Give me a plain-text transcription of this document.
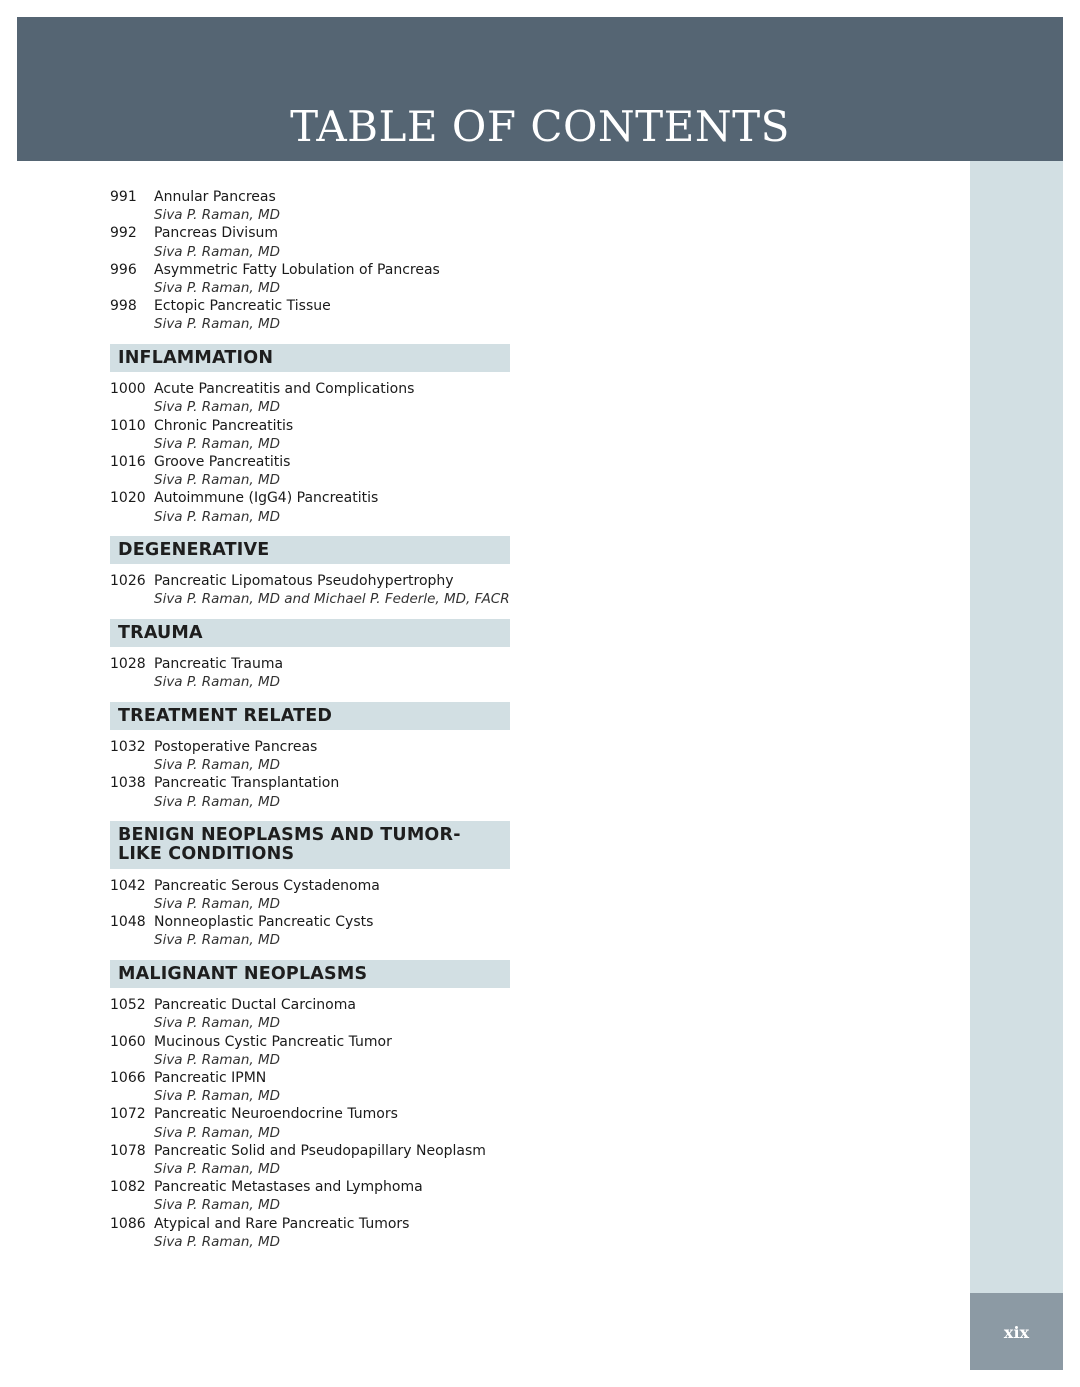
TABLE OF CONTENTS
xix
991	Annular Pancreas
Siva P. Raman, MD
992	Pancreas Divisum
Siva P. Raman, MD
996	Asymmetric Fatty Lobulation of Pancreas
Siva P. Raman, MD
998	Ectopic Pancreatic Tissue
Siva P. Raman, MD
INFLAMMATION
1000 Acute Pancreatitis and Complications
Siva P. Raman, MD
1010 Chronic Pancreatitis
Siva P. Raman, MD
1016 Groove Pancreatitis
Siva P. Raman, MD
1020 Autoimmune (IgG4) Pancreatitis
Siva P. Raman, MD
DEGENERATIVE
1026 Pancreatic Lipomatous Pseudohypertrophy
Siva P. Raman, MD and Michael P. Federle, MD, FACR
TRAUMA
1028 Pancreatic Trauma
Siva P. Raman, MD
TREATMENT RELATED
1032 Postoperative Pancreas
Siva P. Raman, MD
1038 Pancreatic Transplantation
Siva P. Raman, MD
BENIGN NEOPLASMS AND TUMOR-LIKE CONDITIONS
1042 Pancreatic Serous Cystadenoma
Siva P. Raman, MD
1048 Nonneoplastic Pancreatic Cysts
Siva P. Raman, MD
MALIGNANT NEOPLASMS
1052 Pancreatic Ductal Carcinoma
Siva P. Raman, MD
1060 Mucinous Cystic Pancreatic Tumor
Siva P. Raman, MD
1066 Pancreatic IPMN
Siva P. Raman, MD
1072 Pancreatic Neuroendocrine Tumors
Siva P. Raman, MD
1078 Pancreatic Solid and Pseudopapillary Neoplasm
Siva P. Raman, MD
1082 Pancreatic Metastases and Lymphoma
Siva P. Raman, MD
1086 Atypical and Rare Pancreatic Tumors
Siva P. Raman, MD
